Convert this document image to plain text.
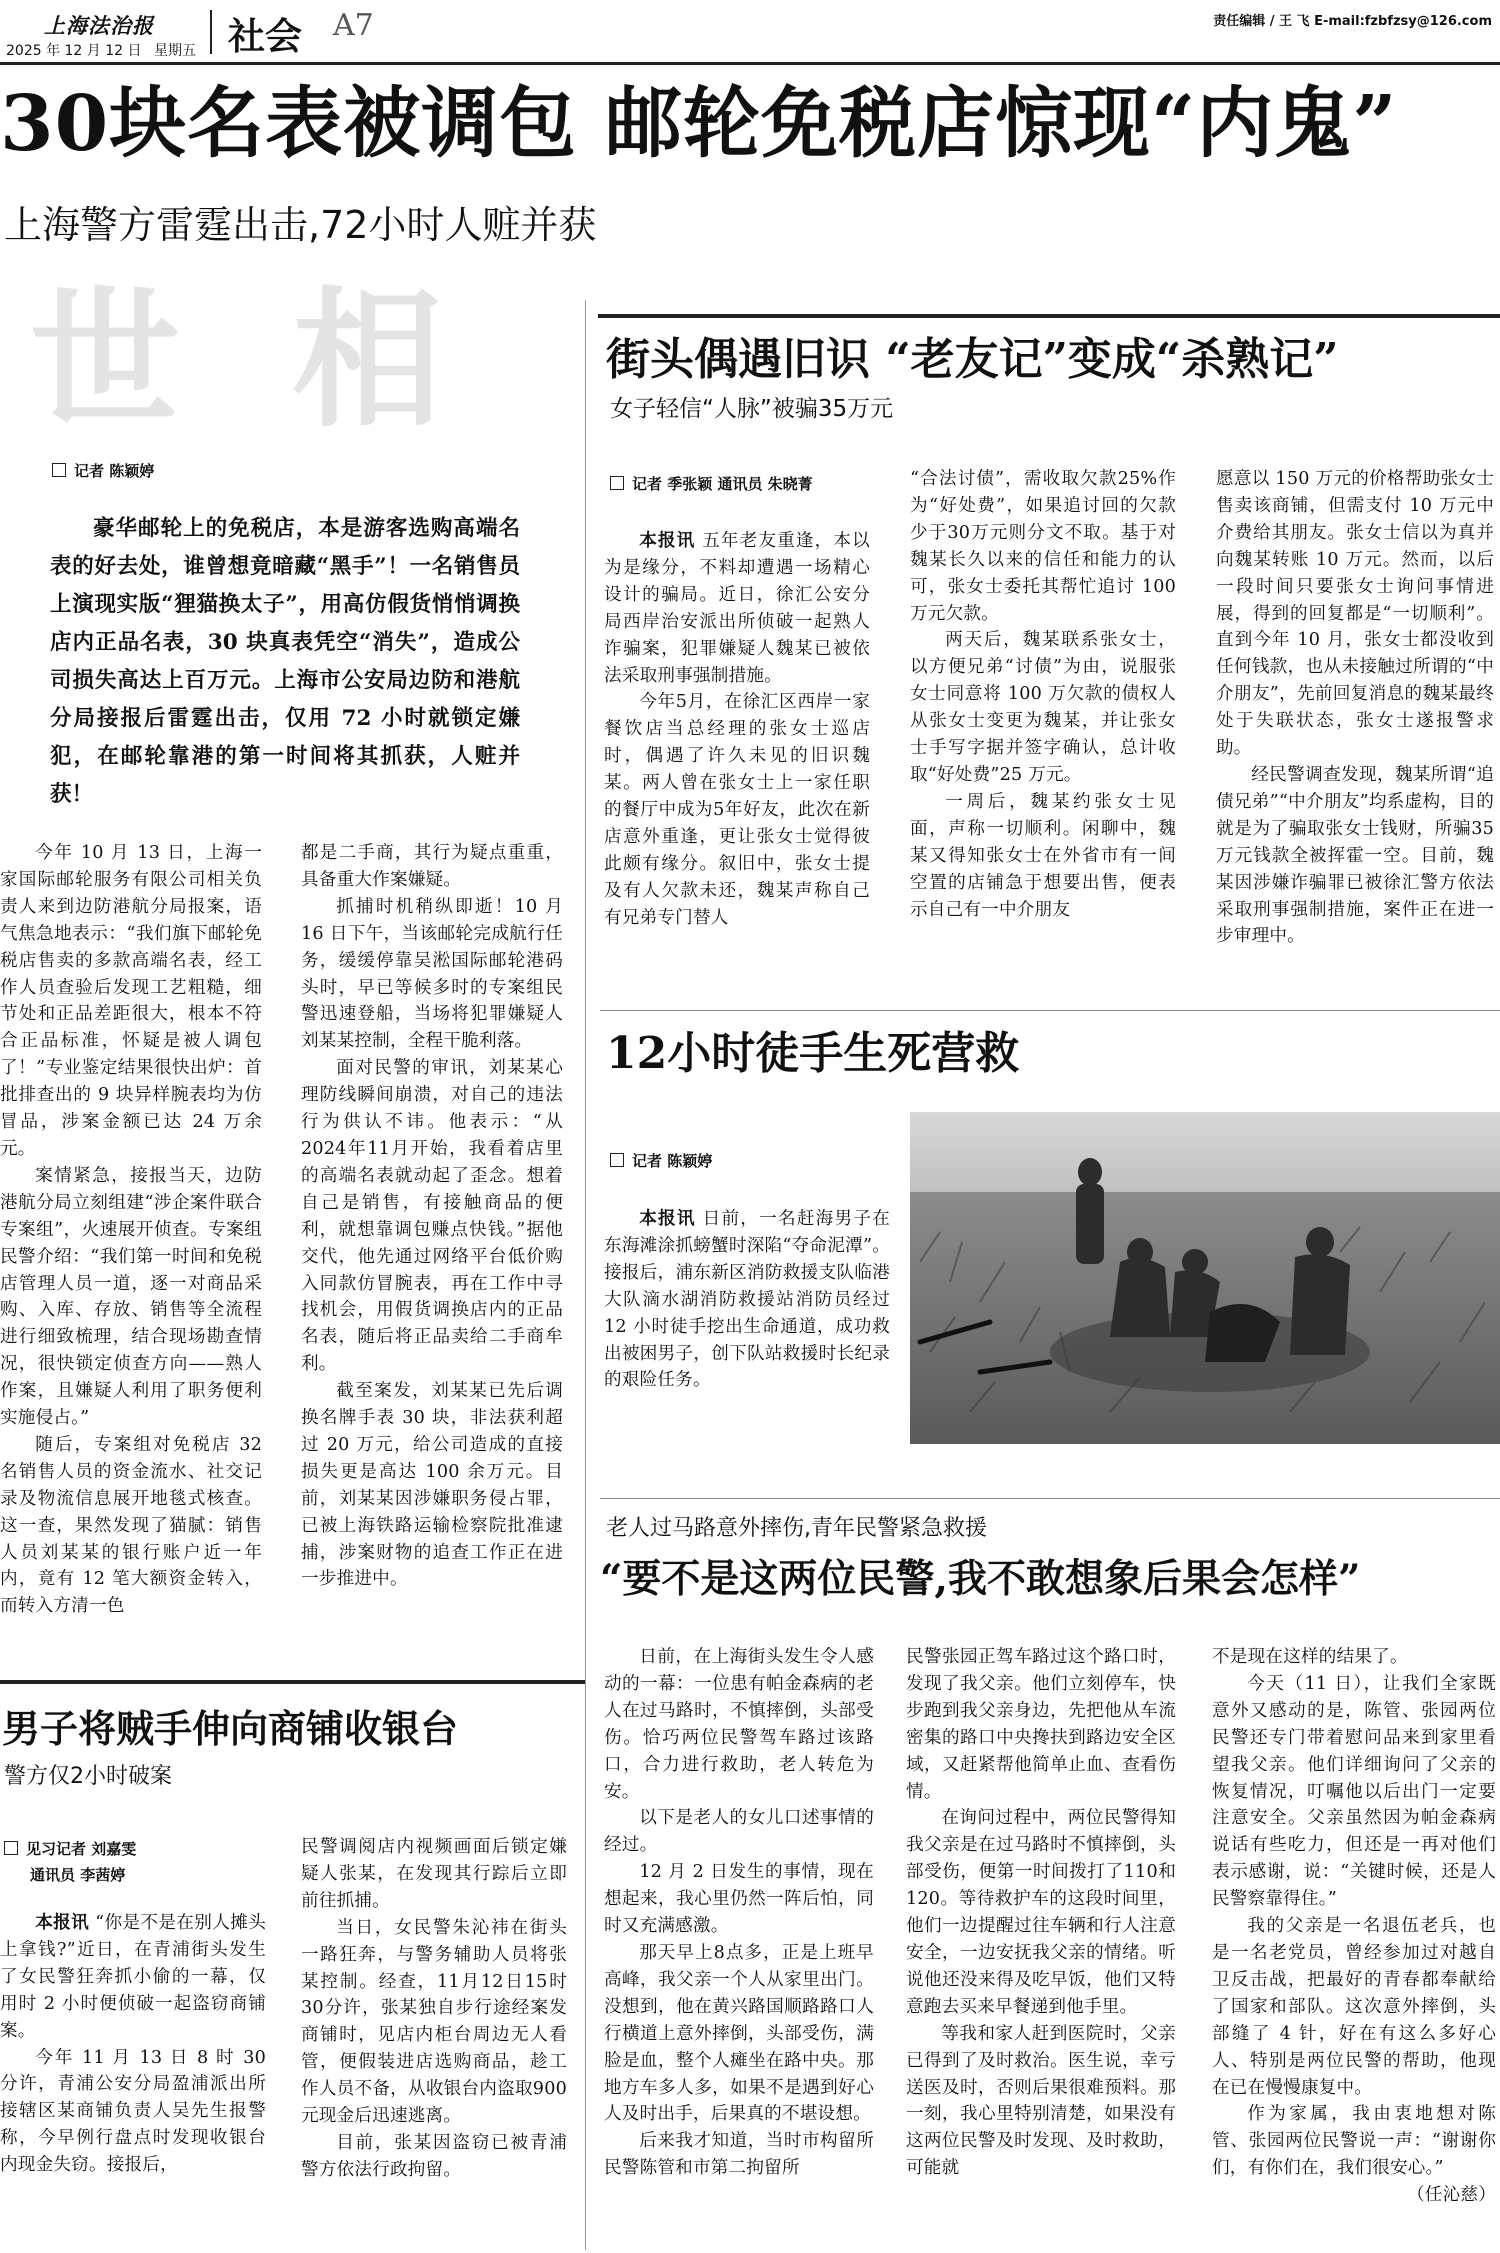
上海法治报
2025 年 12 月 12 日 星期五 社会 A7	责任编辑 / 王 飞 E-mail:fzbfzsy@126.com
30块名表被调包 邮轮免税店惊现“内鬼”
上海警方雷霆出击,72小时人赃并获
世 相
记者 陈颖婷
豪华邮轮上的免税店，本是游客选购高端名表的好去处，谁曾想竟暗藏“黑手”！一名销售员上演现实版“狸猫换太子”，用高仿假货悄悄调换店内正品名表，30 块真表凭空“消失”，造成公司损失高达上百万元。上海市公安局边防和港航分局接报后雷霆出击，仅用 72 小时就锁定嫌犯，在邮轮靠港的第一时间将其抓获，人赃并获！

今年 10 月 13 日，上海一家国际邮轮服务有限公司相关负责人来到边防港航分局报案，语气焦急地表示：“我们旗下邮轮免税店售卖的多款高端名表，经工作人员查验后发现工艺粗糙，细节处和正品差距很大，根本不符合正品标准，怀疑是被人调包了！”专业鉴定结果很快出炉：首批排查出的 9 块异样腕表均为仿冒品，涉案金额已达 24 万余元。

案情紧急，接报当天，边防港航分局立刻组建“涉企案件联合专案组”，火速展开侦查。专案组民警介绍：“我们第一时间和免税店管理人员一道，逐一对商品采购、入库、存放、销售等全流程进行细致梳理，结合现场勘查情况，很快锁定侦查方向——熟人作案，且嫌疑人利用了职务便利实施侵占。”

随后，专案组对免税店 32 名销售人员的资金流水、社交记录及物流信息展开地毯式核查。这一查，果然发现了猫腻：销售人员刘某某的银行账户近一年内，竟有 12 笔大额资金转入，而转入方清一色

都是二手商，其行为疑点重重，具备重大作案嫌疑。

抓捕时机稍纵即逝！10 月 16 日下午，当该邮轮完成航行任务，缓缓停靠吴淞国际邮轮港码头时，早已等候多时的专案组民警迅速登船，当场将犯罪嫌疑人刘某某控制，全程干脆利落。

面对民警的审讯，刘某某心理防线瞬间崩溃，对自己的违法行为供认不讳。他表示：“从2024年11月开始，我看着店里的高端名表就动起了歪念。想着自己是销售，有接触商品的便利，就想靠调包赚点快钱。”据他交代，他先通过网络平台低价购入同款仿冒腕表，再在工作中寻找机会，用假货调换店内的正品名表，随后将正品卖给二手商牟利。

截至案发，刘某某已先后调换名牌手表 30 块，非法获利超过 20 万元，给公司造成的直接损失更是高达 100 余万元。目前，刘某某因涉嫌职务侵占罪，已被上海铁路运输检察院批准逮捕，涉案财物的追查工作正在进一步推进中。

街头偶遇旧识 “老友记”变成“杀熟记”
女子轻信“人脉”被骗35万元
记者 季张颖 通讯员 朱晓菁

本报讯 五年老友重逢，本以为是缘分，不料却遭遇一场精心设计的骗局。近日，徐汇公安分局西岸治安派出所侦破一起熟人诈骗案，犯罪嫌疑人魏某已被依法采取刑事强制措施。

今年5月，在徐汇区西岸一家餐饮店当总经理的张女士巡店时，偶遇了许久未见的旧识魏某。两人曾在张女士上一家任职的餐厅中成为5年好友，此次在新店意外重逢，更让张女士觉得彼此颇有缘分。叙旧中，张女士提及有人欠款未还，魏某声称自己有兄弟专门替人

“合法讨债”，需收取欠款25%作为“好处费”，如果追讨回的欠款少于30万元则分文不取。基于对魏某长久以来的信任和能力的认可，张女士委托其帮忙追讨 100 万元欠款。

两天后，魏某联系张女士，以方便兄弟“讨债”为由，说服张女士同意将 100 万欠款的债权人从张女士变更为魏某，并让张女士手写字据并签字确认，总计收取“好处费”25 万元。

一周后，魏某约张女士见面，声称一切顺利。闲聊中，魏某又得知张女士在外省市有一间空置的店铺急于想要出售，便表示自己有一中介朋友

愿意以 150 万元的价格帮助张女士售卖该商铺，但需支付 10 万元中介费给其朋友。张女士信以为真并向魏某转账 10 万元。然而，以后一段时间只要张女士询问事情进展，得到的回复都是“一切顺利”。直到今年 10 月，张女士都没收到任何钱款，也从未接触过所谓的“中介朋友”，先前回复消息的魏某最终处于失联状态，张女士遂报警求助。

经民警调查发现，魏某所谓“追债兄弟”“中介朋友”均系虚构，目的就是为了骗取张女士钱财，所骗35万元钱款全被挥霍一空。目前，魏某因涉嫌诈骗罪已被徐汇警方依法采取刑事强制措施，案件正在进一步审理中。

12小时徒手生死营救
记者 陈颖婷

本报讯 日前，一名赶海男子在东海滩涂抓螃蟹时深陷“夺命泥潭”。接报后，浦东新区消防救援支队临港大队滴水湖消防救援站消防员经过 12 小时徒手挖出生命通道，成功救出被困男子，创下队站救援时长纪录的艰险任务。

老人过马路意外摔伤,青年民警紧急救援
“要不是这两位民警,我不敢想象后果会怎样”

日前，在上海街头发生令人感动的一幕：一位患有帕金森病的老人在过马路时，不慎摔倒，头部受伤。恰巧两位民警驾车路过该路口，合力进行救助，老人转危为安。

以下是老人的女儿口述事情的经过。

12 月 2 日发生的事情，现在想起来，我心里仍然一阵后怕，同时又充满感激。

那天早上8点多，正是上班早高峰，我父亲一个人从家里出门。没想到，他在黄兴路国顺路路口人行横道上意外摔倒，头部受伤，满脸是血，整个人瘫坐在路中央。那地方车多人多，如果不是遇到好心人及时出手，后果真的不堪设想。

后来我才知道，当时市构留所民警陈管和市第二拘留所

民警张园正驾车路过这个路口时，发现了我父亲。他们立刻停车，快步跑到我父亲身边，先把他从车流密集的路口中央搀扶到路边安全区域，又赶紧帮他简单止血、查看伤情。

在询问过程中，两位民警得知我父亲是在过马路时不慎摔倒，头部受伤，便第一时间拨打了110和120。等待救护车的这段时间里，他们一边提醒过往车辆和行人注意安全，一边安抚我父亲的情绪。听说他还没来得及吃早饭，他们又特意跑去买来早餐递到他手里。

等我和家人赶到医院时，父亲已得到了及时救治。医生说，幸亏送医及时，否则后果很难预料。那一刻，我心里特别清楚，如果没有这两位民警及时发现、及时救助，可能就

不是现在这样的结果了。

今天（11 日），让我们全家既意外又感动的是，陈管、张园两位民警还专门带着慰问品来到家里看望我父亲。他们详细询问了父亲的恢复情况，叮嘱他以后出门一定要注意安全。父亲虽然因为帕金森病说话有些吃力，但还是一再对他们表示感谢，说：“关键时候，还是人民警察靠得住。”

我的父亲是一名退伍老兵，也是一名老党员，曾经参加过对越自卫反击战，把最好的青春都奉献给了国家和部队。这次意外摔倒，头部缝了 4 针，好在有这么多好心人、特别是两位民警的帮助，他现在已在慢慢康复中。

作为家属，我由衷地想对陈管、张园两位民警说一声：“谢谢你们，有你们在，我们很安心。”
（任沁慈）

男子将贼手伸向商铺收银台
警方仅2小时破案
见习记者 刘嘉雯
通讯员 李茜婷

本报讯 “你是不是在别人摊头上拿钱?”近日，在青浦街头发生了女民警狂奔抓小偷的一幕，仅用时 2 小时便侦破一起盗窃商铺案。

今年 11 月 13 日 8 时 30 分许，青浦公安分局盈浦派出所接辖区某商铺负责人吴先生报警称，今早例行盘点时发现收银台内现金失窃。接报后，

民警调阅店内视频画面后锁定嫌疑人张某，在发现其行踪后立即前往抓捕。

当日，女民警朱沁祎在街头一路狂奔，与警务辅助人员将张某控制。经查，11月12日15时30分许，张某独自步行途经案发商铺时，见店内柜台周边无人看管，便假装进店选购商品，趁工作人员不备，从收银台内盗取900元现金后迅速逃离。

目前，张某因盗窃已被青浦警方依法行政拘留。
